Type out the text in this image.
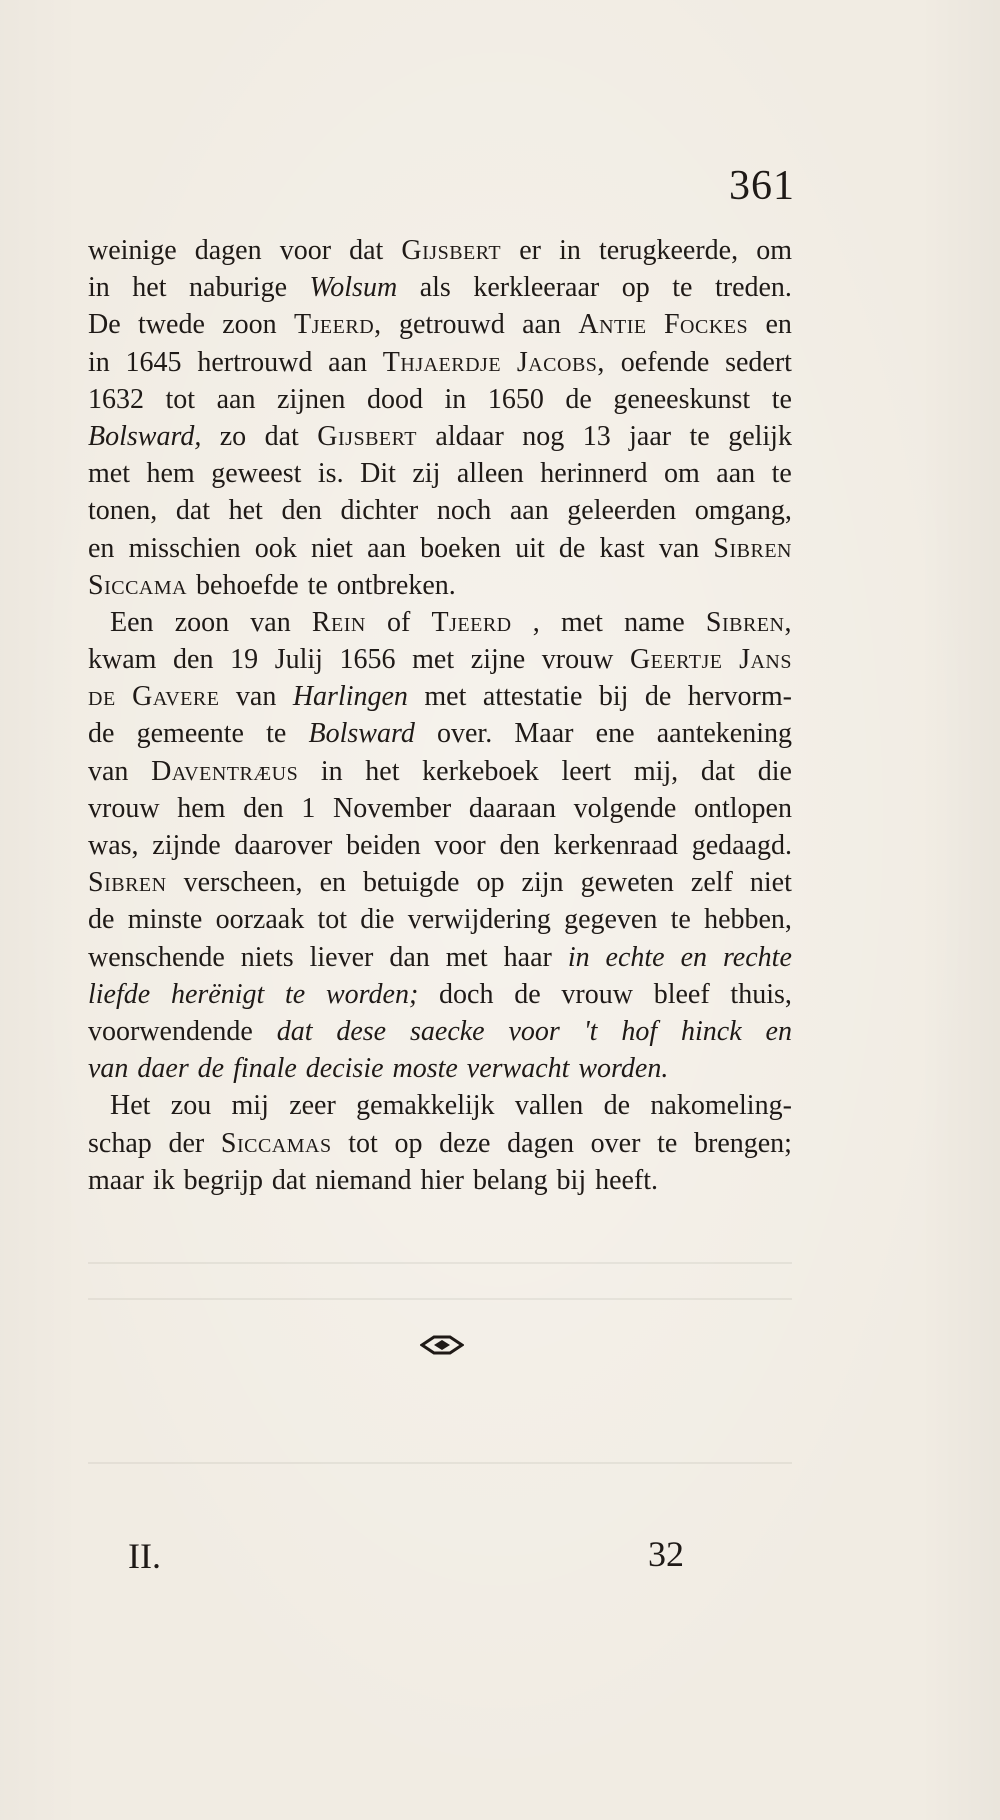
361
weinige dagen voor dat Gijsbert er in terugkeerde, om
in het naburige Wolsum als kerkleeraar op te treden.
De twede zoon Tjeerd, getrouwd aan Antie Fockes en
in 1645 hertrouwd aan Thjaerdje Jacobs, oefende sedert
1632 tot aan zijnen dood in 1650 de geneeskunst te
Bolsward, zo dat Gijsbert aldaar nog 13 jaar te gelijk
met hem geweest is. Dit zij alleen herinnerd om aan te
tonen, dat het den dichter noch aan geleerden omgang,
en misschien ook niet aan boeken uit de kast van Sibren
Siccama behoefde te ontbreken.
Een zoon van Rein of Tjeerd , met name Sibren,
kwam den 19 Julij 1656 met zijne vrouw Geertje Jans
de Gavere van Harlingen met attestatie bij de hervorm-
de gemeente te Bolsward over. Maar ene aantekening
van Daventræus in het kerkeboek leert mij, dat die
vrouw hem den 1 November daaraan volgende ontlopen
was, zijnde daarover beiden voor den kerkenraad gedaagd.
Sibren verscheen, en betuigde op zijn geweten zelf niet
de minste oorzaak tot die verwijdering gegeven te hebben,
wenschende niets liever dan met haar in echte en rechte
liefde herënigt te worden; doch de vrouw bleef thuis,
voorwendende dat dese saecke voor 't hof hinck en
van daer de finale decisie moste verwacht worden.
Het zou mij zeer gemakkelijk vallen de nakomeling-
schap der Siccamas tot op deze dagen over te brengen;
maar ik begrijp dat niemand hier belang bij heeft.
II.	32
